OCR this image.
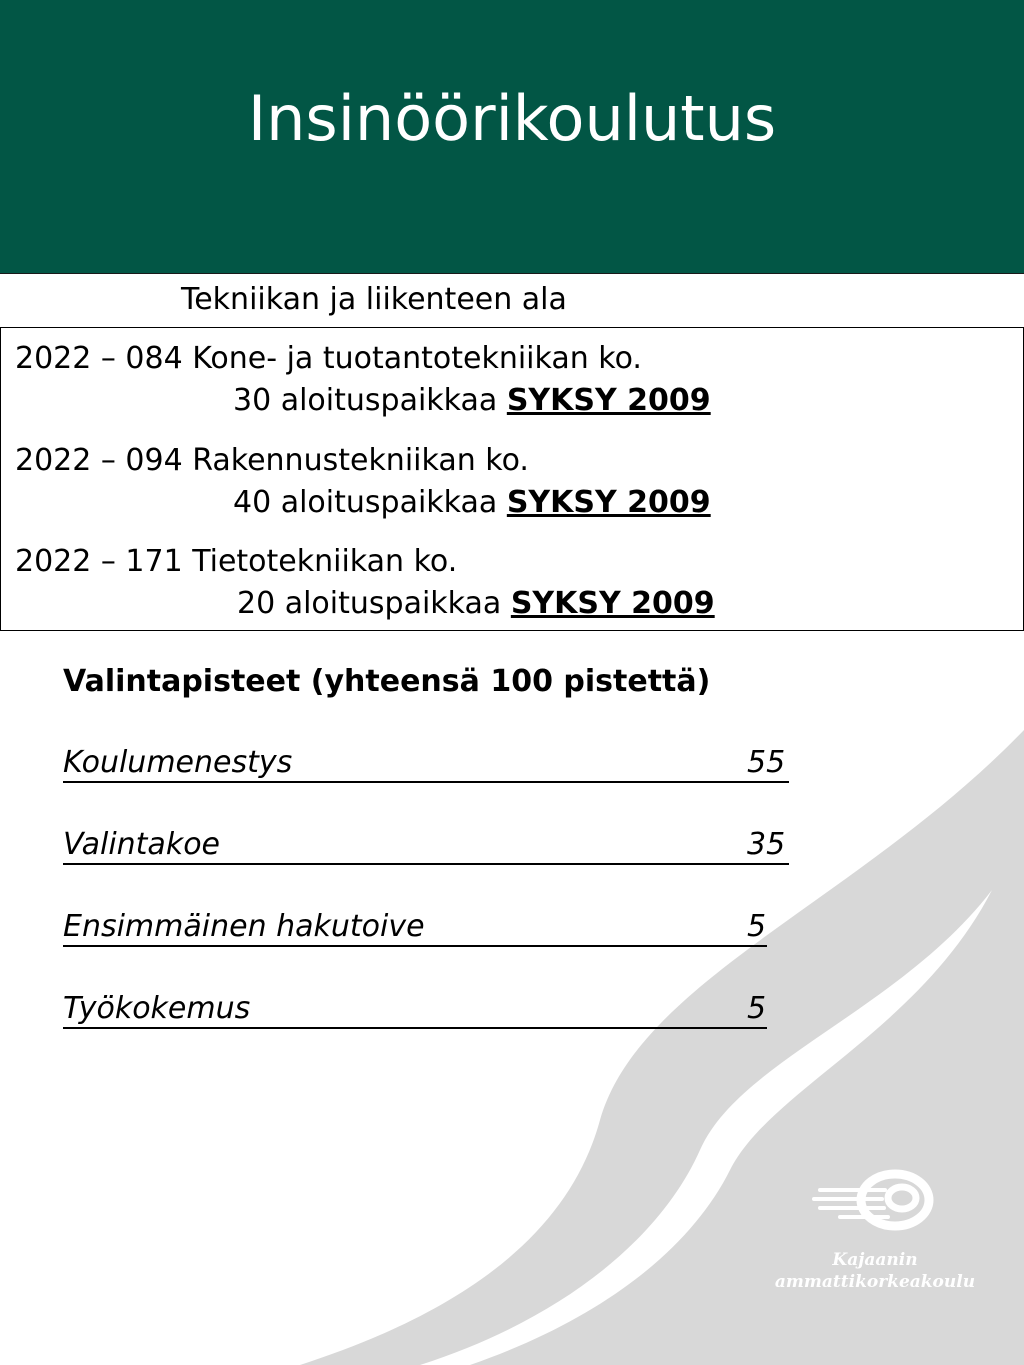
Insinöörikoulutus
Tekniikan ja liikenteen ala
2022 – 084 Kone- ja tuotantotekniikan ko.
30 aloituspaikkaa SYKSY 2009
2022 – 094 Rakennustekniikan ko.
40 aloituspaikkaa SYKSY 2009
2022 – 171 Tietotekniikan ko.
20 aloituspaikkaa SYKSY 2009
Valintapisteet (yhteensä 100 pistettä)
Koulumenestys	55
Valintakoe	35
Ensimmäinen hakutoive	5
Työkokemus	5
Kajaanin
ammattikorkeakoulu
